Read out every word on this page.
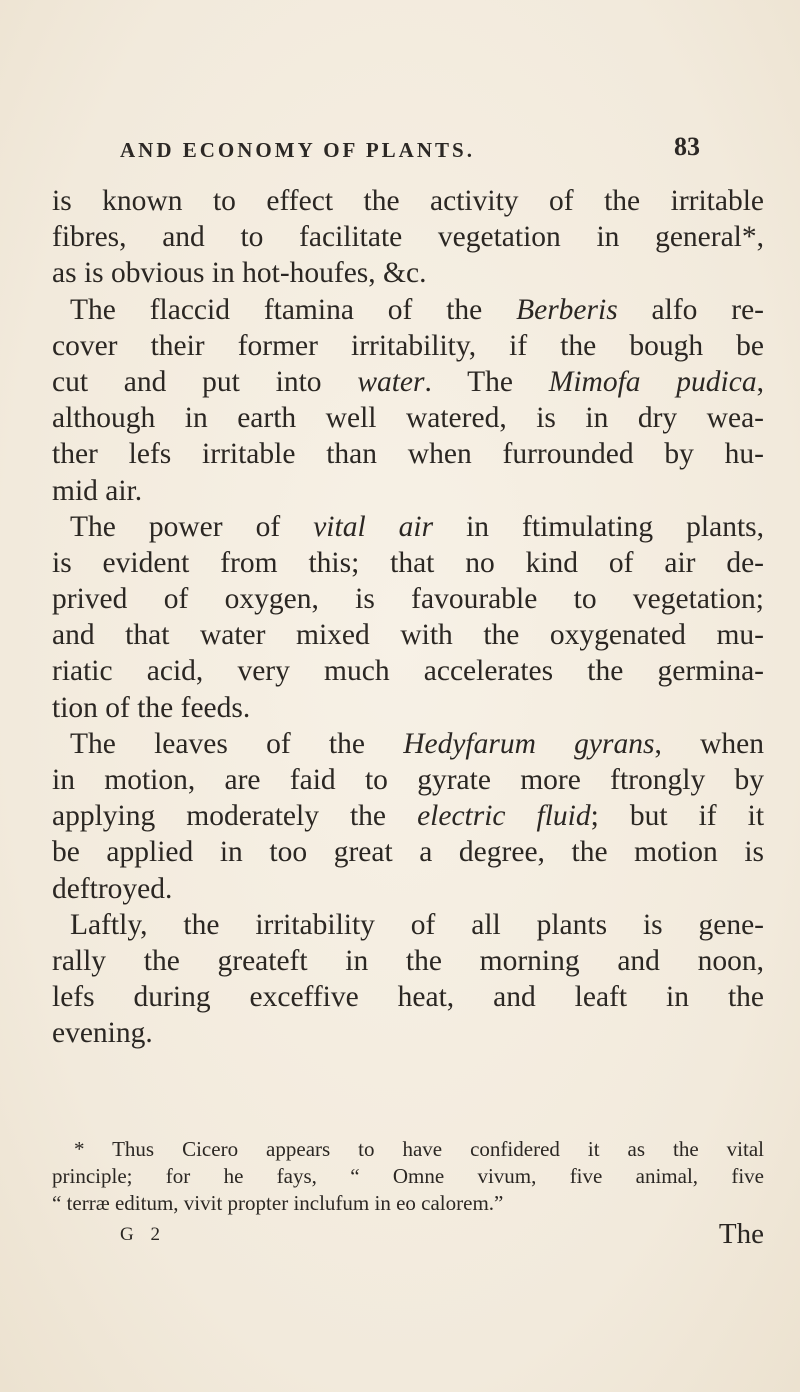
AND ECONOMY OF PLANTS.	83
is known to effect the activity of the irritable
fibres, and to facilitate vegetation in general*,
as is obvious in hot-houfes, &c.
The flaccid ftamina of the Berberis alfo re-
cover their former irritability, if the bough be
cut and put into water. The Mimofa pudica,
although in earth well watered, is in dry wea-
ther lefs irritable than when furrounded by hu-
mid air.
The power of vital air in ftimulating plants,
is evident from this; that no kind of air de-
prived of oxygen, is favourable to vegetation;
and that water mixed with the oxygenated mu-
riatic acid, very much accelerates the germina-
tion of the feeds.
The leaves of the Hedyfarum gyrans, when
in motion, are faid to gyrate more ftrongly by
applying moderately the electric fluid; but if it
be applied in too great a degree, the motion is
deftroyed.
Laftly, the irritability of all plants is gene-
rally the greateft in the morning and noon,
lefs during exceffive heat, and leaft in the
evening.
* Thus Cicero appears to have confidered it as the vital
principle; for he fays, “ Omne vivum, five animal, five
“ terræ editum, vivit propter inclufum in eo calorem.”
G 2	The
